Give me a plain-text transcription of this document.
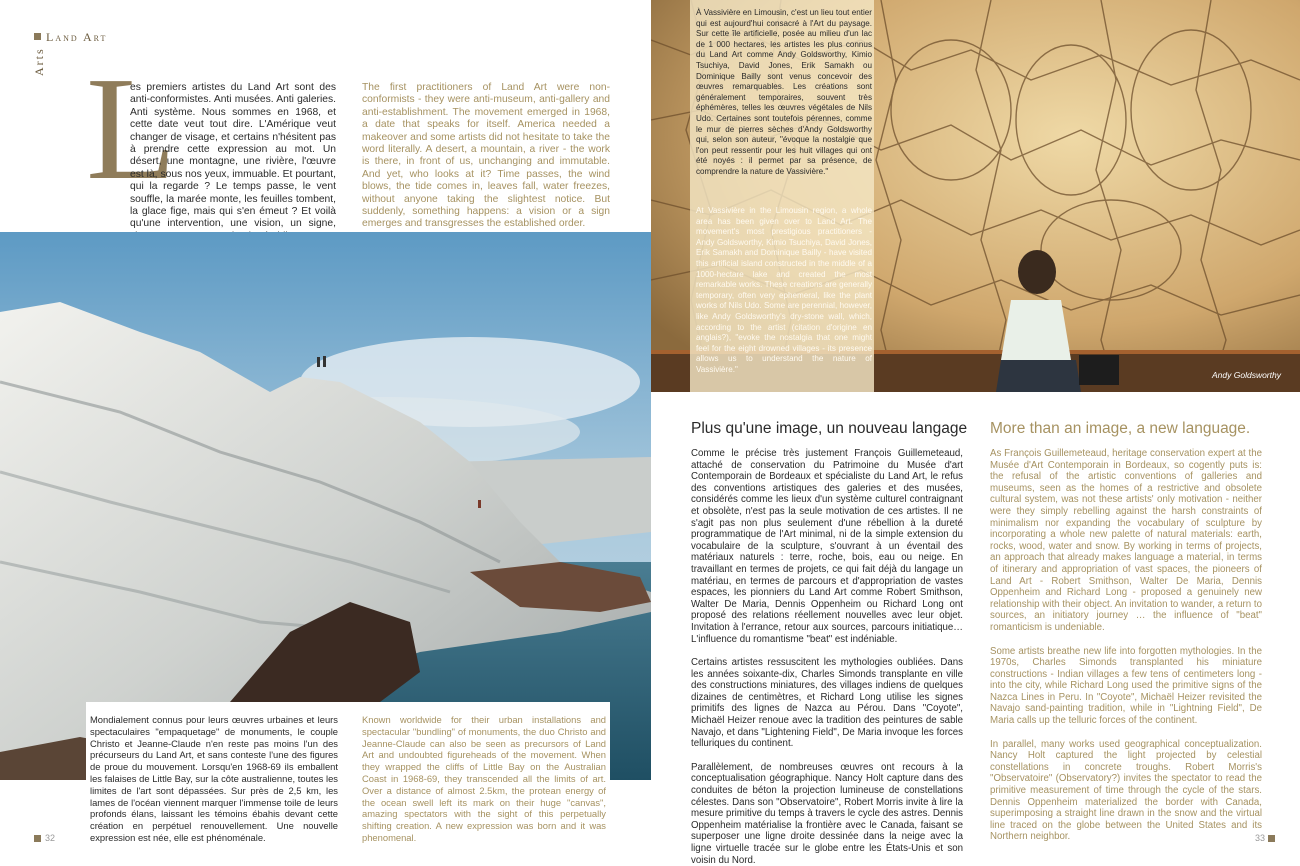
Arts
Land Art
L
es premiers artistes du Land Art sont des anti-conformistes. Anti musées. Anti galeries. Anti système. Nous sommes en 1968, et cette date veut tout dire. L'Amérique veut changer de visage, et certains n'hésitent pas à prendre cette expression au mot. Un désert, une montagne, une rivière, l'œuvre est là, sous nos yeux, immuable. Et pourtant, qui la regarde ? Le temps passe, le vent souffle, la marée monte, les feuilles tombent, la glace fige, mais qui s'en émeut ? Et voilà qu'une intervention, une vision, un signe,
The first practitioners of Land Art were non-conformists - they were anti-museum, anti-gallery and anti-establishment. The movement emerged in 1968, a date that speaks for itself. America needed a makeover and some artists did not hesitate to take the word literally. A desert, a mountain, a river - the work is there, in front of us, unchanging and immutable. And yet, who looks at it? Time passes, the wind blows, the tide comes in, leaves fall, water freezes, without anyone taking the slightest notice. But suddenly, something happens: a vision or a sign emerges and transgresses the established order.
Mondialement connus pour leurs œuvres urbaines et leurs spectaculaires "empaquetage" de monuments, le couple Christo et Jeanne-Claude n'en reste pas moins l'un des précurseurs du Land Art, et sans conteste l'une des figures de proue du mouvement. Lorsqu'en 1968-69 ils emballent les falaises de Little Bay, sur la côte australienne, toutes les limites de l'art sont dépassées. Sur près de 2,5 km, les lames de l'océan viennent marquer l'immense toile de leurs profonds élans, laissant les témoins ébahis devant cette création en perpétuel renouvellement. Une nouvelle expression est née, elle est phénoménale.
Known worldwide for their urban installations and spectacular "bundling" of monuments, the duo Christo and Jeanne-Claude can also be seen as precursors of Land Art and undoubted figureheads of the movement. When they wrapped the cliffs of Little Bay on the Australian Coast in 1968-69, they transcended all the limits of art. Over a distance of almost 2.5km, the protean energy of the ocean swell left its mark on their huge "canvas", amazing spectators with the sight of this perpetually shifting creation. A new expression was born and it was phenomenal.
32
À Vassivière en Limousin, c'est un lieu tout entier qui est aujourd'hui consacré à l'Art du paysage. Sur cette île artificielle, posée au milieu d'un lac de 1 000 hectares, les artistes les plus connus du Land Art comme Andy Goldsworthy, Kimio Tsuchiya, David Jones, Erik Samakh ou Dominique Bailly sont venus concevoir des œuvres remarquables. Les créations sont généralement temporaires, souvent très éphémères, telles les œuvres végétales de Nils Udo. Certaines sont toutefois pérennes, comme le mur de pierres sèches d'Andy Goldsworthy qui, selon son auteur, "évoque la nostalgie que l'on peut ressentir pour les huit villages qui ont été noyés : il permet par sa présence, de comprendre la nature de Vassivière."
At Vassivière in the Limousin region, a whole area has been given over to Land Art. The movement's most prestigious practitioners - Andy Goldsworthy, Kimio Tsuchiya, David Jones, Erik Samakh and Dominique Bailly - have visited this artificial island constructed in the middle of a 1000-hectare lake and created the most remarkable works. These creations are generally temporary, often very ephemeral, like the plant works of Nils Udo. Some are perennial, however, like Andy Goldsworthy's dry-stone wall, which, according to the artist (citation d'origine en anglais?), "evoke the nostalgia that one might feel for the eight drowned villages - its presence allows us to understand the nature of Vassivière."
Andy Goldsworthy
Plus qu'une image, un nouveau langage More than an image, a new language.
Comme le précise très justement François Guillemeteaud, attaché de conservation du Patrimoine du Musée d'art Contemporain de Bordeaux et spécialiste du Land Art, le refus des conventions artistiques des galeries et des musées, considérés comme les lieux d'un système culturel contraignant et obsolète, n'est pas la seule motivation de ces artistes. Il ne s'agit pas non plus seulement d'une rébellion à la dureté programmatique de l'Art minimal, ni de la simple extension du vocabulaire de la sculpture, s'ouvrant à un éventail des matériaux naturels : terre, roche, bois, eau ou neige. En travaillant en termes de projets, ce qui fait déjà du langage un matériau, en termes de parcours et d'appropriation de vastes espaces, les pionniers du Land Art comme Robert Smithson, Walter De Maria, Dennis Oppenheim ou Richard Long ont proposé des relations réellement nouvelles avec leur objet. Invitation à l'errance, retour aux sources, parcours initiatique… L'influence du romantisme "beat" est indéniable.
Certains artistes ressuscitent les mythologies oubliées. Dans les années soixante-dix, Charles Simonds transplante en ville des constructions miniatures, des villages indiens de quelques dizaines de centimètres, et Richard Long utilise les signes primitifs des lignes de Nazca au Pérou. Dans "Coyote", Michaël Heizer renoue avec la tradition des peintures de sable Navajo, et dans "Lightening Field", De Maria invoque les forces telluriques du continent.
Parallèlement, de nombreuses œuvres ont recours à la conceptualisation géographique. Nancy Holt capture dans des conduites de béton la projection lumineuse de constellations célestes. Dans son "Observatoire", Robert Morris invite à lire la mesure primitive du temps à travers le cycle des astres. Dennis Oppenheim matérialise la frontière avec le Canada, faisant se superposer une ligne droite dessinée dans la neige avec la ligne virtuelle tracée sur le globe entre les États-Unis et son voisin du Nord.
As François Guillemeteaud, heritage conservation expert at the Musée d'Art Contemporain in Bordeaux, so cogently puts is: the refusal of the artistic conventions of galleries and museums, seen as the homes of a restrictive and obsolete cultural system, was not these artists' only motivation - neither were they simply rebelling against the harsh constraints of minimalism nor expanding the vocabulary of sculpture by incorporating a whole new palette of natural materials: earth, rocks, wood, water and snow. By working in terms of projects, an approach that already makes language a material, in terms of itinerary and appropriation of vast spaces, the pioneers of Land Art - Robert Smithson, Walter De Maria, Dennis Oppenheim and Richard Long - proposed a genuinely new relationship with their object. An invitation to wander, a return to sources, an initiatory journey … the influence of "beat" romanticism is undeniable.
Some artists breathe new life into forgotten mythologies. In the 1970s, Charles Simonds transplanted his miniature constructions - Indian villages a few tens of centimeters long - into the city, while Richard Long used the primitive signs of the Nazca Lines in Peru. In "Coyote", Michaël Heizer revisited the Navajo sand-painting tradition, while in "Lightning Field", De Maria calls up the telluric forces of the continent.
In parallel, many works used geographical conceptualization. Nancy Holt captured the light projected by celestial constellations in concrete troughs. Robert Morris's "Observatoire" (Observatory?) invites the spectator to read the primitive measurement of time through the cycle of the stars. Dennis Oppenheim materialized the border with Canada, superimposing a straight line drawn in the snow and the virtual line traced on the globe between the United States and its Northern neighbor.	33
